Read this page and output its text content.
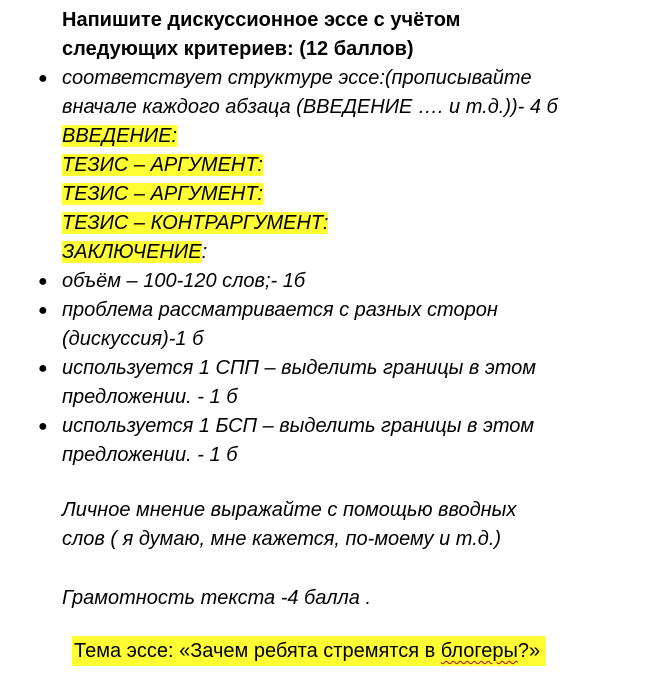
Напишите дискуссионное эссе с учётом
следующих критериев: (12 баллов)
● соответствует структуре эссе:(прописывайте
вначале каждого абзаца (ВВЕДЕНИЕ …. и т.д.))- 4 б
ВВЕДЕНИЕ:
ТЕЗИС – АРГУМЕНТ:
ТЕЗИС – АРГУМЕНТ:
ТЕЗИС – КОНТРАРГУМЕНТ:
ЗАКЛЮЧЕНИЕ:
● объём – 100-120 слов;- 1б
● проблема рассматривается с разных сторон
(дискуссия)-1 б
● используется 1 СПП – выделить границы в этом
предложении. - 1 б
● используется 1 БСП – выделить границы в этом
предложении. - 1 б
Личное мнение выражайте с помощью вводных
слов ( я думаю, мне кажется, по-моему и т.д.)
Грамотность текста -4 балла .
Тема эссе: «Зачем ребята стремятся в блогеры?»
